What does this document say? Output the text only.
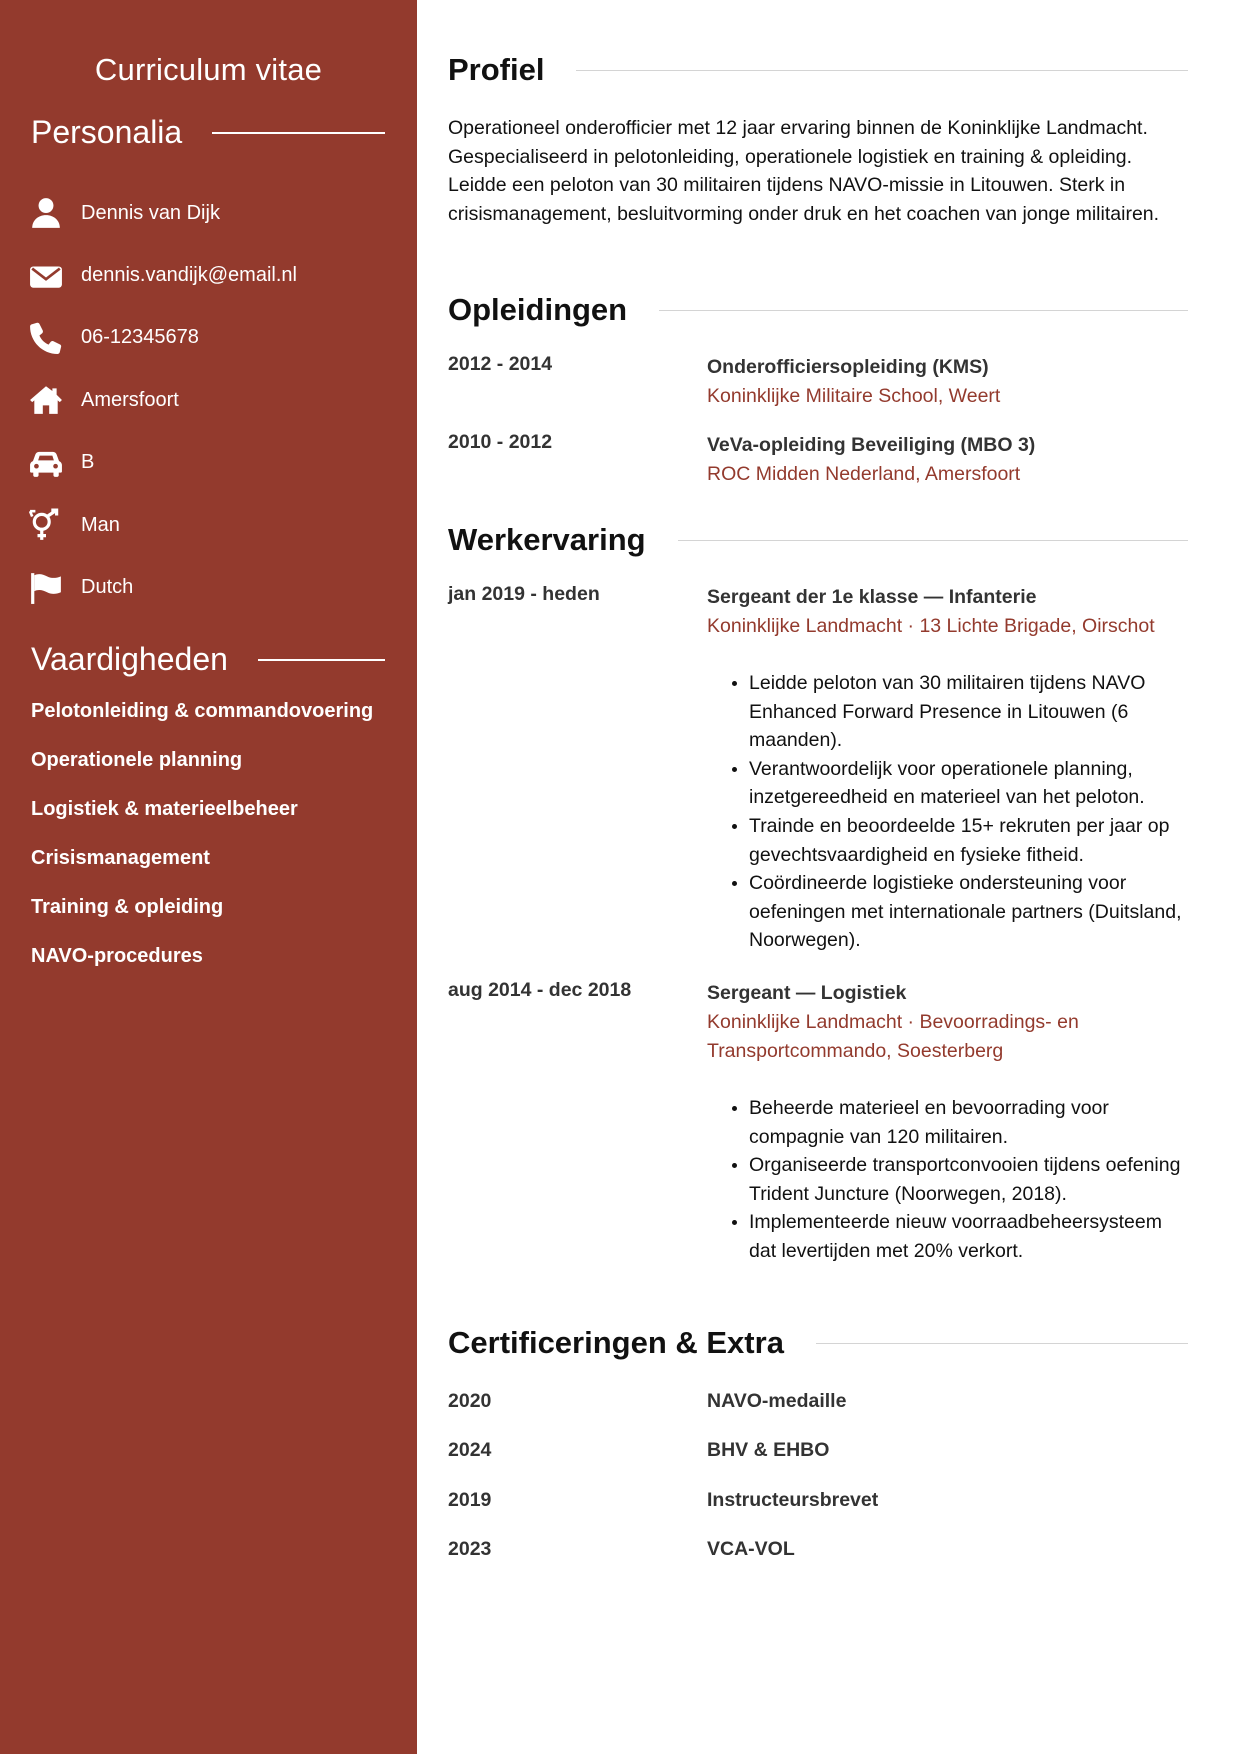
Curriculum vitae
Personalia
Dennis van Dijk
dennis.vandijk@email.nl
06-12345678
Amersfoort
B
Man
Dutch
Vaardigheden
Pelotonleiding & commandovoering
Operationele planning
Logistiek & materieelbeheer
Crisismanagement
Training & opleiding
NAVO-procedures
Profiel
Operationeel onderofficier met 12 jaar ervaring binnen de Koninklijke Landmacht. Gespecialiseerd in pelotonleiding, operationele logistiek en training & opleiding. Leidde een peloton van 30 militairen tijdens NAVO-missie in Litouwen. Sterk in crisismanagement, besluitvorming onder druk en het coachen van jonge militairen.
Opleidingen
2012 - 2014	Onderofficiersopleiding (KMS)
Koninklijke Militaire School, Weert
2010 - 2012	VeVa-opleiding Beveiliging (MBO 3)
ROC Midden Nederland, Amersfoort
Werkervaring
jan 2019 - heden	Sergeant der 1e klasse — Infanterie
Koninklijke Landmacht · 13 Lichte Brigade, Oirschot
• Leidde peloton van 30 militairen tijdens NAVO Enhanced Forward Presence in Litouwen (6 maanden).
• Verantwoordelijk voor operationele planning, inzetgereedheid en materieel van het peloton.
• Trainde en beoordeelde 15+ rekruten per jaar op gevechtsvaardigheid en fysieke fitheid.
• Coördineerde logistieke ondersteuning voor oefeningen met internationale partners (Duitsland, Noorwegen).
aug 2014 - dec 2018	Sergeant — Logistiek
Koninklijke Landmacht · Bevoorradings- en Transportcommando, Soesterberg
• Beheerde materieel en bevoorrading voor compagnie van 120 militairen.
• Organiseerde transportconvooien tijdens oefening Trident Juncture (Noorwegen, 2018).
• Implementeerde nieuw voorraadbeheersysteem dat levertijden met 20% verkort.
Certificeringen & Extra
2020	NAVO-medaille
2024	BHV & EHBO
2019	Instructeursbrevet
2023	VCA-VOL
